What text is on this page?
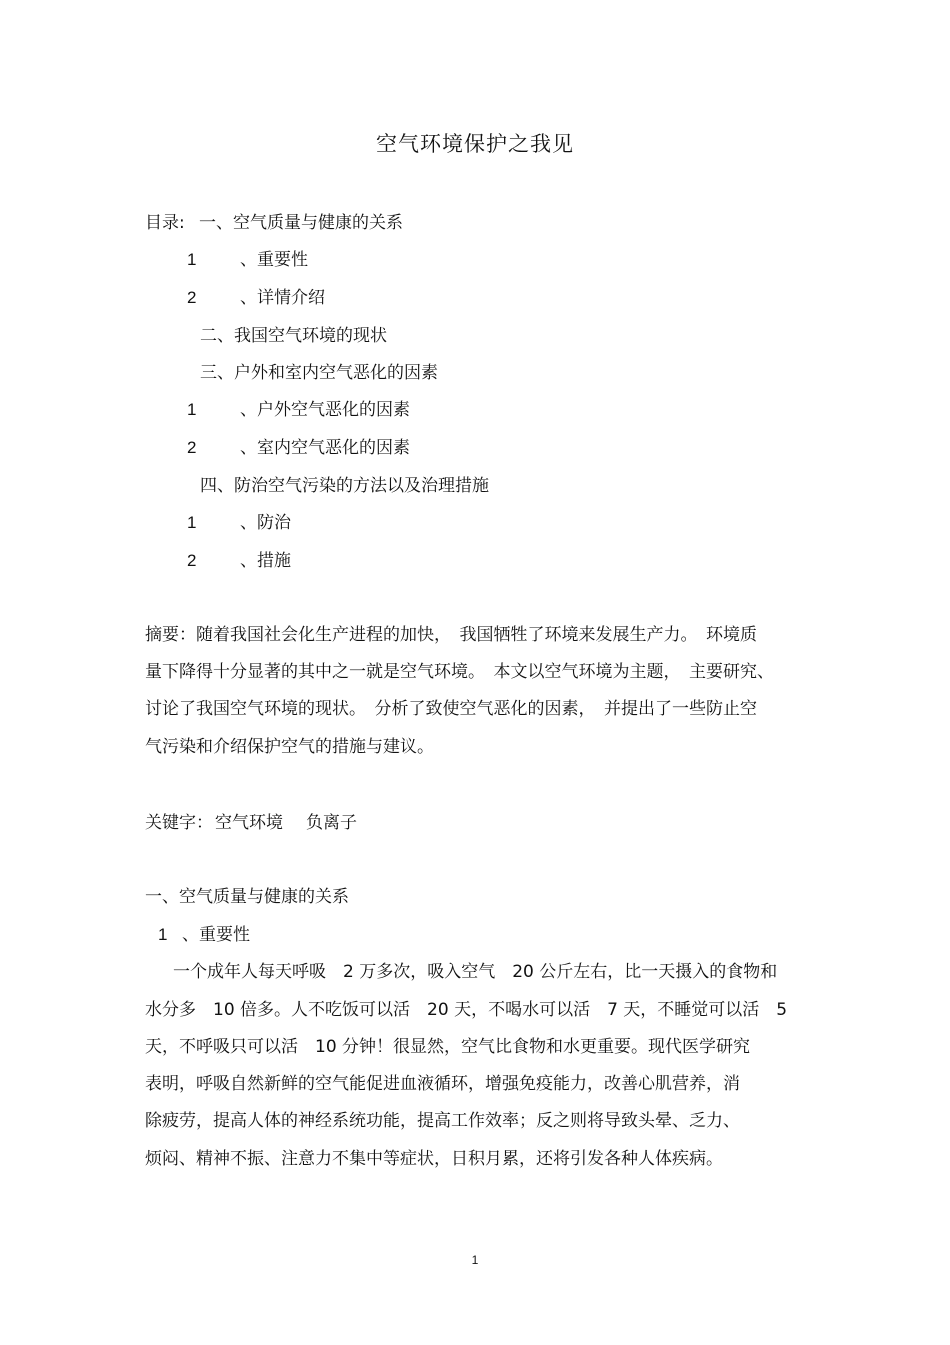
空气环境保护之我见
目录: 一、空气质量与健康的关系
1	、重要性
2	、详情介绍
二、我国空气环境的现状
三、户外和室内空气恶化的因素
1	、户外空气恶化的因素
2	、室内空气恶化的因素
四、防治空气污染的方法以及治理措施
1	、防治
2	、措施
摘要：随着我国社会化生产进程的加快，　我国牺牲了环境来发展生产力。　环境质
量下降得十分显著的其中之一就是空气环境。　本文以空气环境为主题，　主要研究、
讨论了我国空气环境的现状。　分析了致使空气恶化的因素，　并提出了一些防止空
气污染和介绍保护空气的措施与建议。
关键字： 空气环境 负离子
一、空气质量与健康的关系
1 、重要性
一个成年人每天呼吸　2 万多次，吸入空气　20 公斤左右，比一天摄入的食物和
水分多　10 倍多。人不吃饭可以活　20 天，不喝水可以活　7 天，不睡觉可以活　5
天，不呼吸只可以活　10 分钟！很显然，空气比食物和水更重要。现代医学研究
表明，呼吸自然新鲜的空气能促进血液循环，增强免疫能力，改善心肌营养，消
除疲劳，提高人体的神经系统功能，提高工作效率；反之则将导致头晕、乏力、
烦闷、精神不振、注意力不集中等症状，日积月累，还将引发各种人体疾病。
1
